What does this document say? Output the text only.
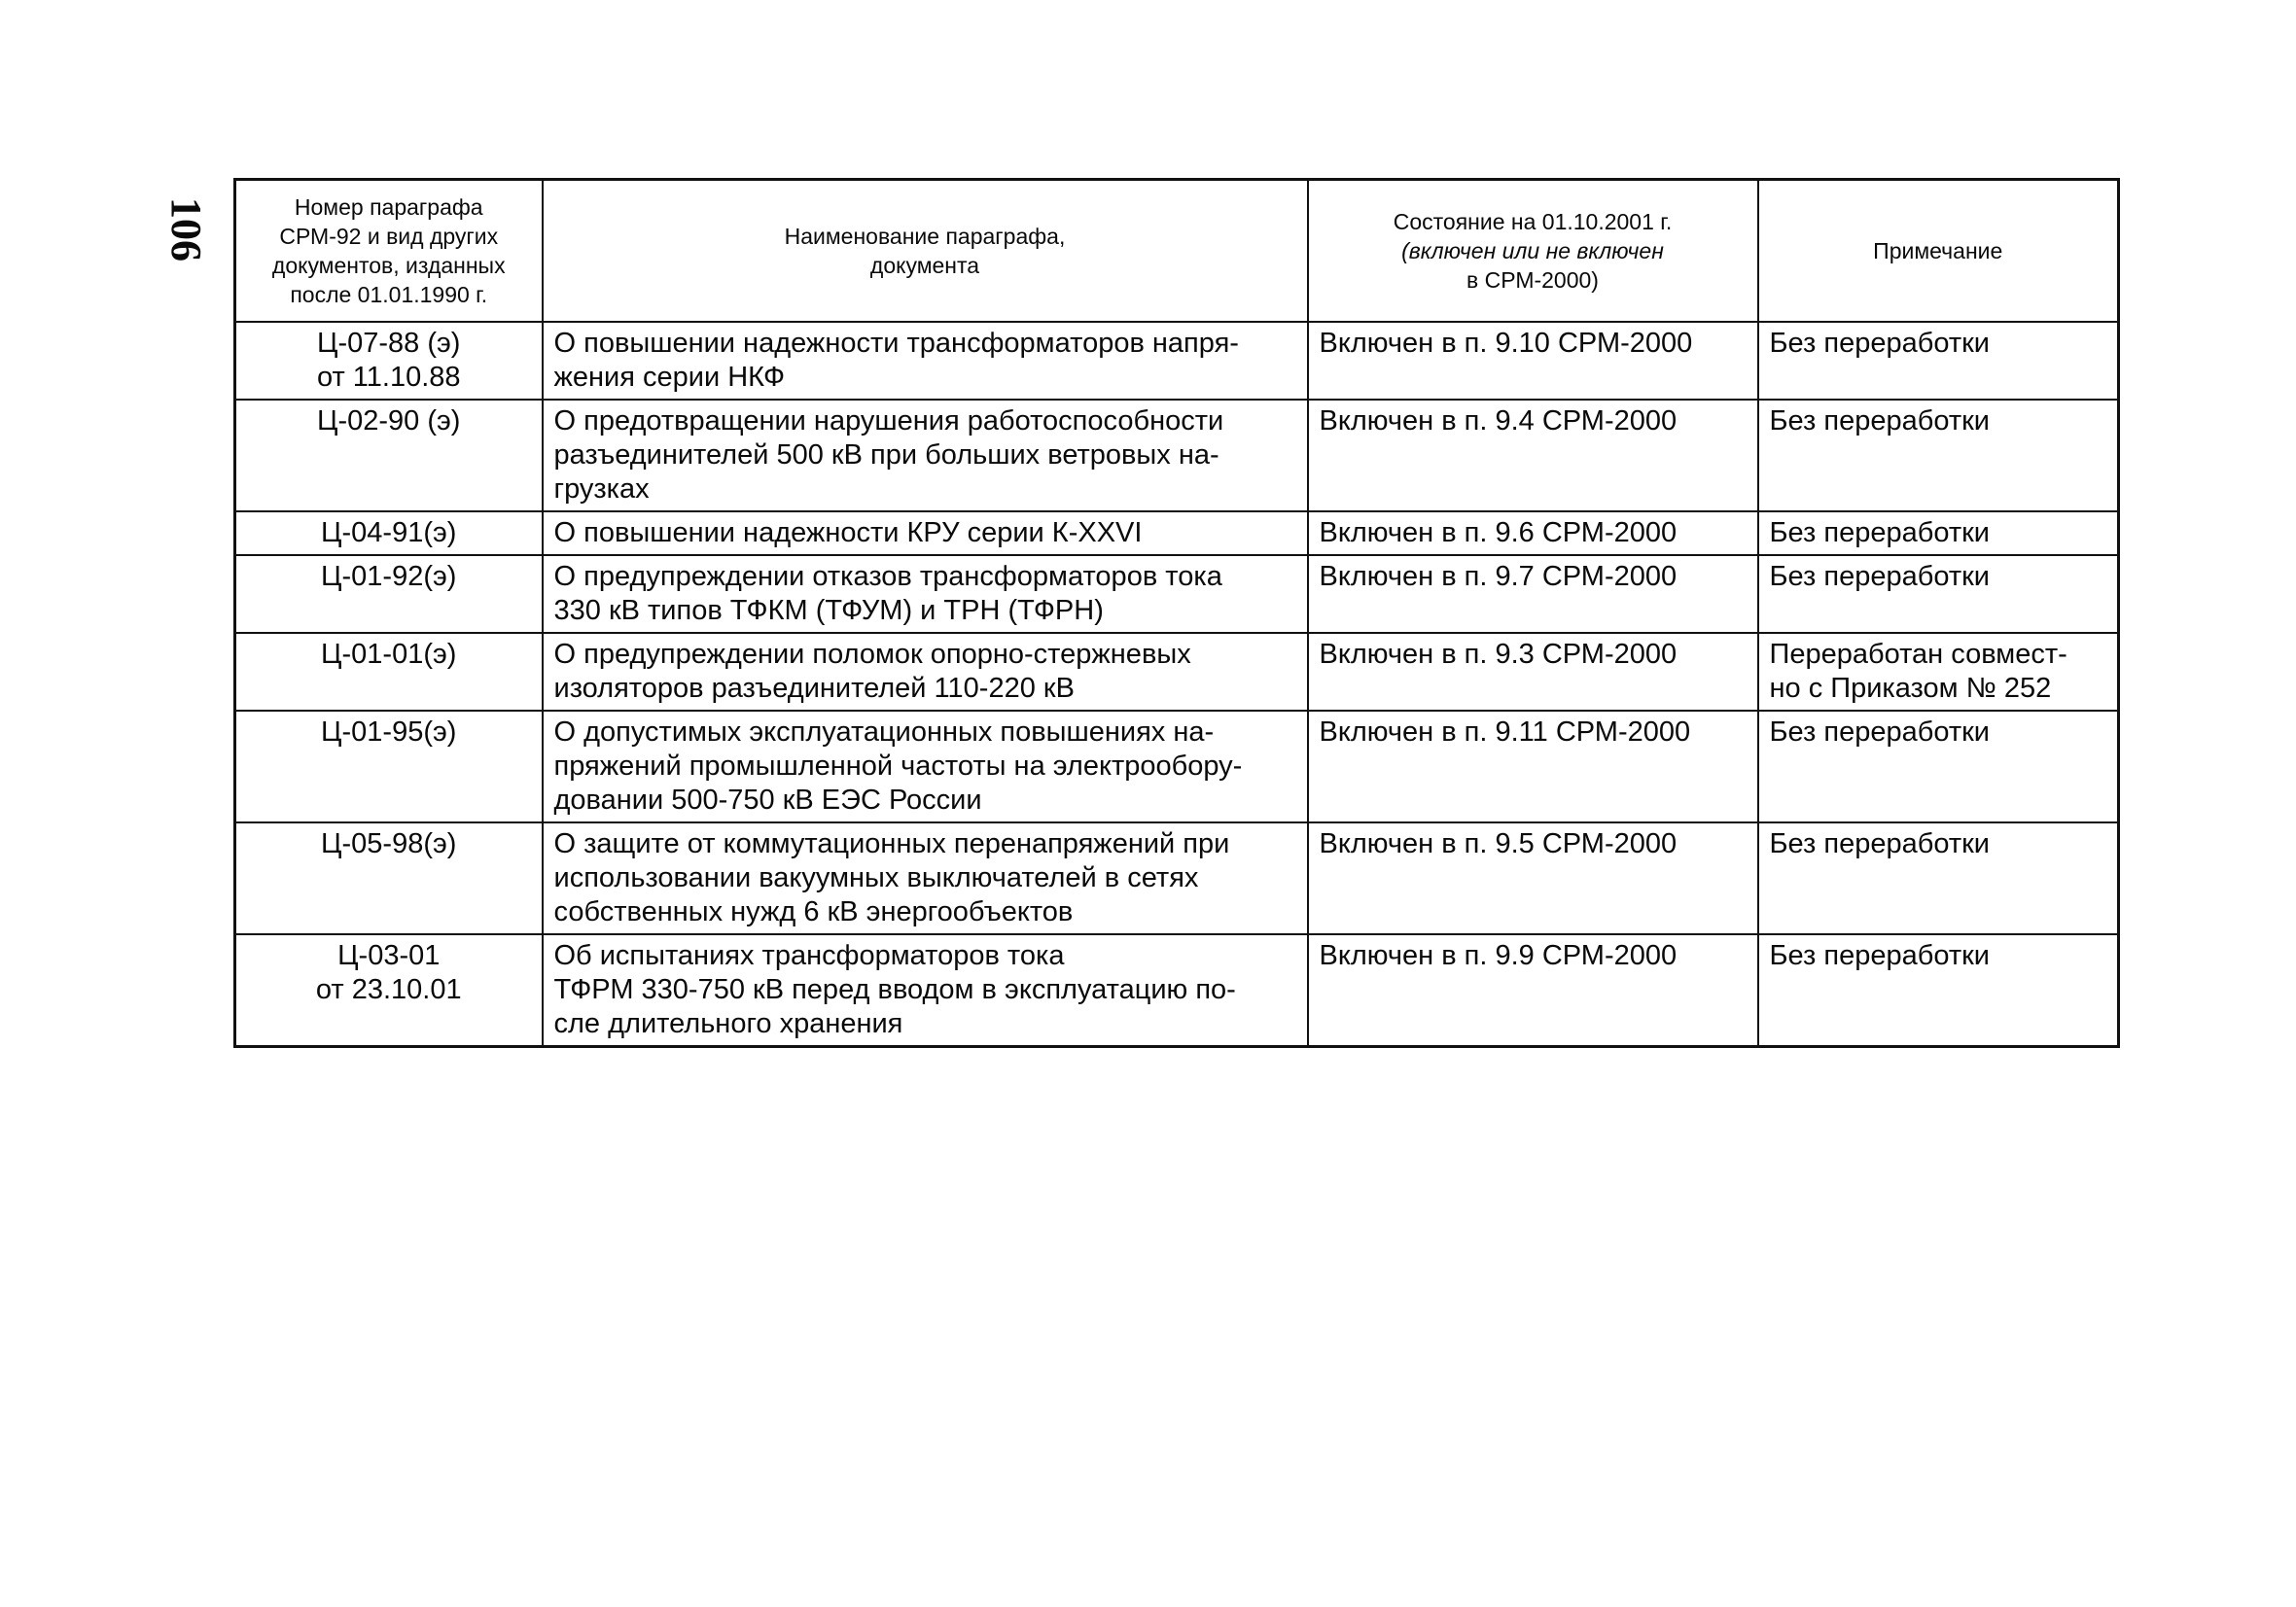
106	Номер параграфа
СРМ-92 и вид других
документов, изданных
после 01.01.1990 г.	Наименование параграфа,
документа	Состояние на 01.10.2001 г.
(включен или не включен
в СРМ-2000)	Примечание

Ц-07-88 (э)
от 11.10.88	О повышении надежности трансформаторов напря-
жения серии НКФ	Включен в п. 9.10 СРМ-2000	Без переработки

Ц-02-90 (э)	О предотвращении нарушения работоспособности
разъединителей 500 кВ при больших ветровых на-
грузках	Включен в п. 9.4 СРМ-2000	Без переработки

Ц-04-91(э)	О повышении надежности КРУ серии К-XXVI	Включен в п. 9.6 СРМ-2000	Без переработки

Ц-01-92(э)	О предупреждении отказов трансформаторов тока
330 кВ типов ТФКМ (ТФУМ) и ТРН (ТФРН)	Включен в п. 9.7 СРМ-2000	Без переработки

Ц-01-01(э)	О предупреждении поломок опорно-стержневых
изоляторов разъединителей 110-220 кВ	Включен в п. 9.3 СРМ-2000	Переработан совмест-
но с Приказом № 252

Ц-01-95(э)	О допустимых эксплуатационных повышениях на-
пряжений промышленной частоты на электрообору-
довании 500-750 кВ ЕЭС России	Включен в п. 9.11 СРМ-2000	Без переработки

Ц-05-98(э)	О защите от коммутационных перенапряжений при
использовании вакуумных выключателей в сетях
собственных нужд 6 кВ энергообъектов	Включен в п. 9.5 СРМ-2000	Без переработки

Ц-03-01
от 23.10.01	Об испытаниях трансформаторов тока
ТФРМ 330-750 кВ перед вводом в эксплуатацию по-
сле длительного хранения	Включен в п. 9.9 СРМ-2000	Без переработки
